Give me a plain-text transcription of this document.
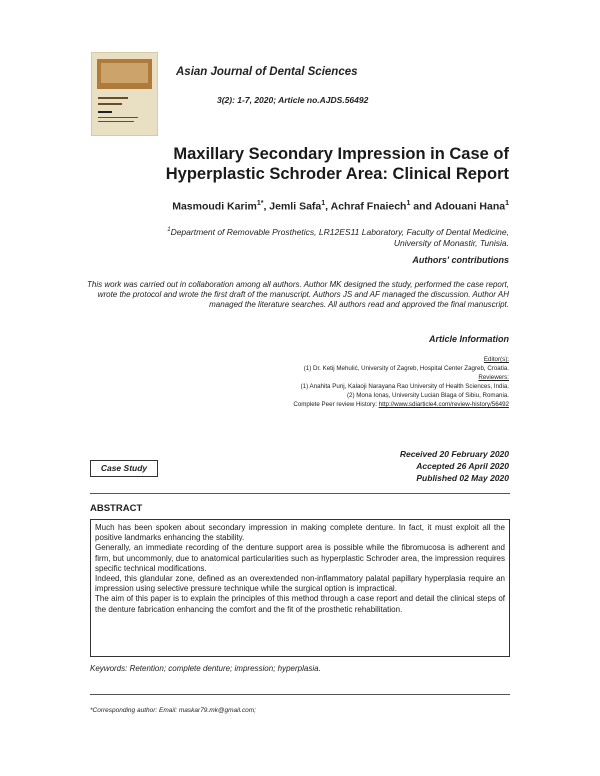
Asian Journal of Dental Sciences
3(2): 1-7, 2020; Article no.AJDS.56492
Maxillary Secondary Impression in Case of
Hyperplastic Schroder Area: Clinical Report
Masmoudi Karim$^{1*}$, Jemli Safa$^1$, Achraf Fnaiech$^1$ and Adouani Hana$^1$
$^1$Department of Removable Prosthetics, LR12ES11 Laboratory, Faculty of Dental Medicine,
University of Monastir, Tunisia.
Authors' contributions
This work was carried out in collaboration among all authors. Author MK designed the study, performed the case report, wrote the protocol and wrote the first draft of the manuscript. Authors JS and AF managed the discussion. Author AH managed the literature searches. All authors read and approved the final manuscript.
Article Information
Editor(s):
(1) Dr. Ketij Mehulić, University of Zagreb, Hospital Center Zagreb, Croatia.
Reviewers:
(1) Anahita Punj, Kalaoji Narayana Rao University of Health Sciences, India.
(2) Mona Ionaș, University Lucian Blaga of Sibiu, Romania.
Complete Peer review History: http://www.sdiarticle4.com/review-history/56492
Received 20 February 2020
Accepted 26 April 2020
Published 02 May 2020
Case Study
ABSTRACT

Much has been spoken about secondary impression in making complete denture. In fact, it must exploit all the positive landmarks enhancing the stability.

Generally, an immediate recording of the denture support area is possible while the fibromucosa is adherent and firm, but uncommonly, due to anatomical particularities such as hyperplastic Schroder area, the impression requires specific technical modifications.

Indeed, this glandular zone, defined as an overextended non-inflammatory palatal papillary hyperplasia require an impression using selective pressure technique while the surgical option is impractical.

The aim of this paper is to explain the principles of this method through a case report and detail the clinical steps of the denture fabrication enhancing the comfort and the fit of the prosthetic rehabilitation.

Keywords: Retention; complete denture; impression; hyperplasia.
*Corresponding author: Email: maskar79.mk@gmail.com;
